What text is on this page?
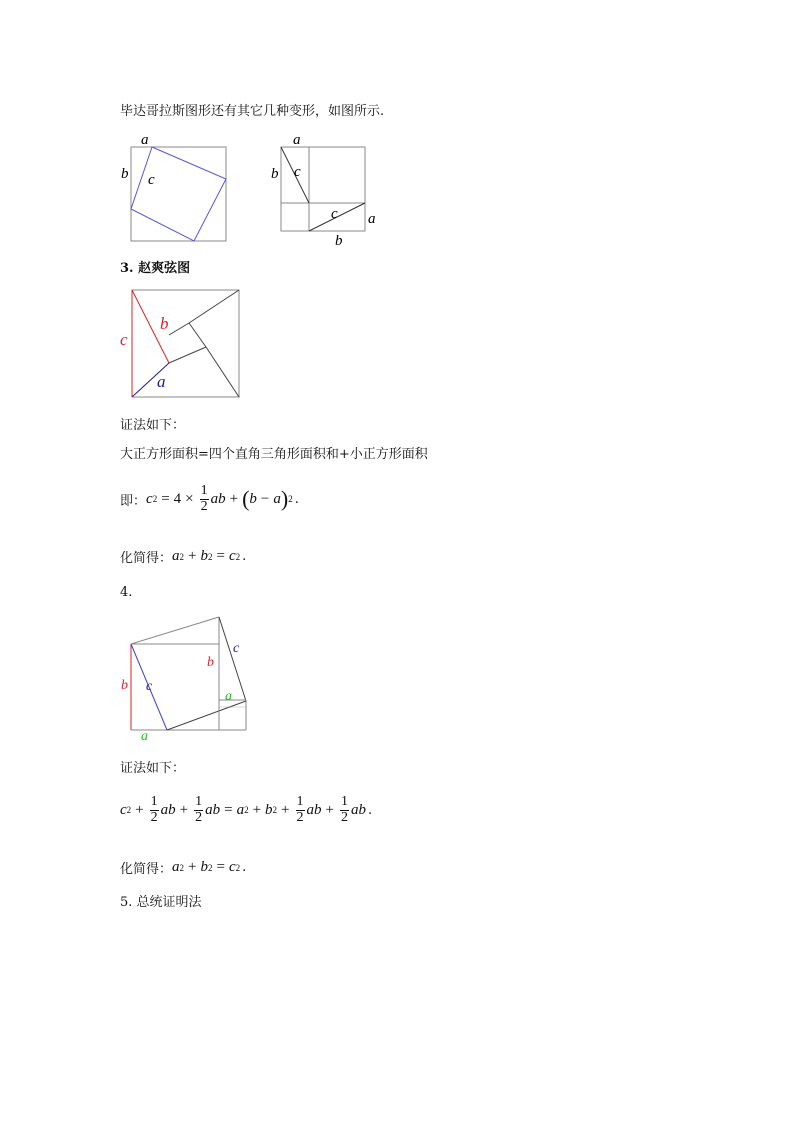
毕达哥拉斯图形还有其它几种变形，如图所示.
a
b c
a
b c
c a
b
3. 赵爽弦图
c
b
a
证法如下：
大正方形面积=四个直角三角形面积和+小正方形面积
即： c $2 = 4 \times \frac{1}{2}$ ab + ( b − a ) 2 .
化简得： a 2 + b 2 = c 2 .
4.
b
c
b c
a
a
证法如下：
c $2 + \frac{1}{2}$ ab + $\frac{1}{2}$ ab = a 2 + b $2 + \frac{1}{2}$ ab + $\frac{1}{2}$ ab .
化简得： a 2 + b 2 = c 2 .
5. 总统证明法
